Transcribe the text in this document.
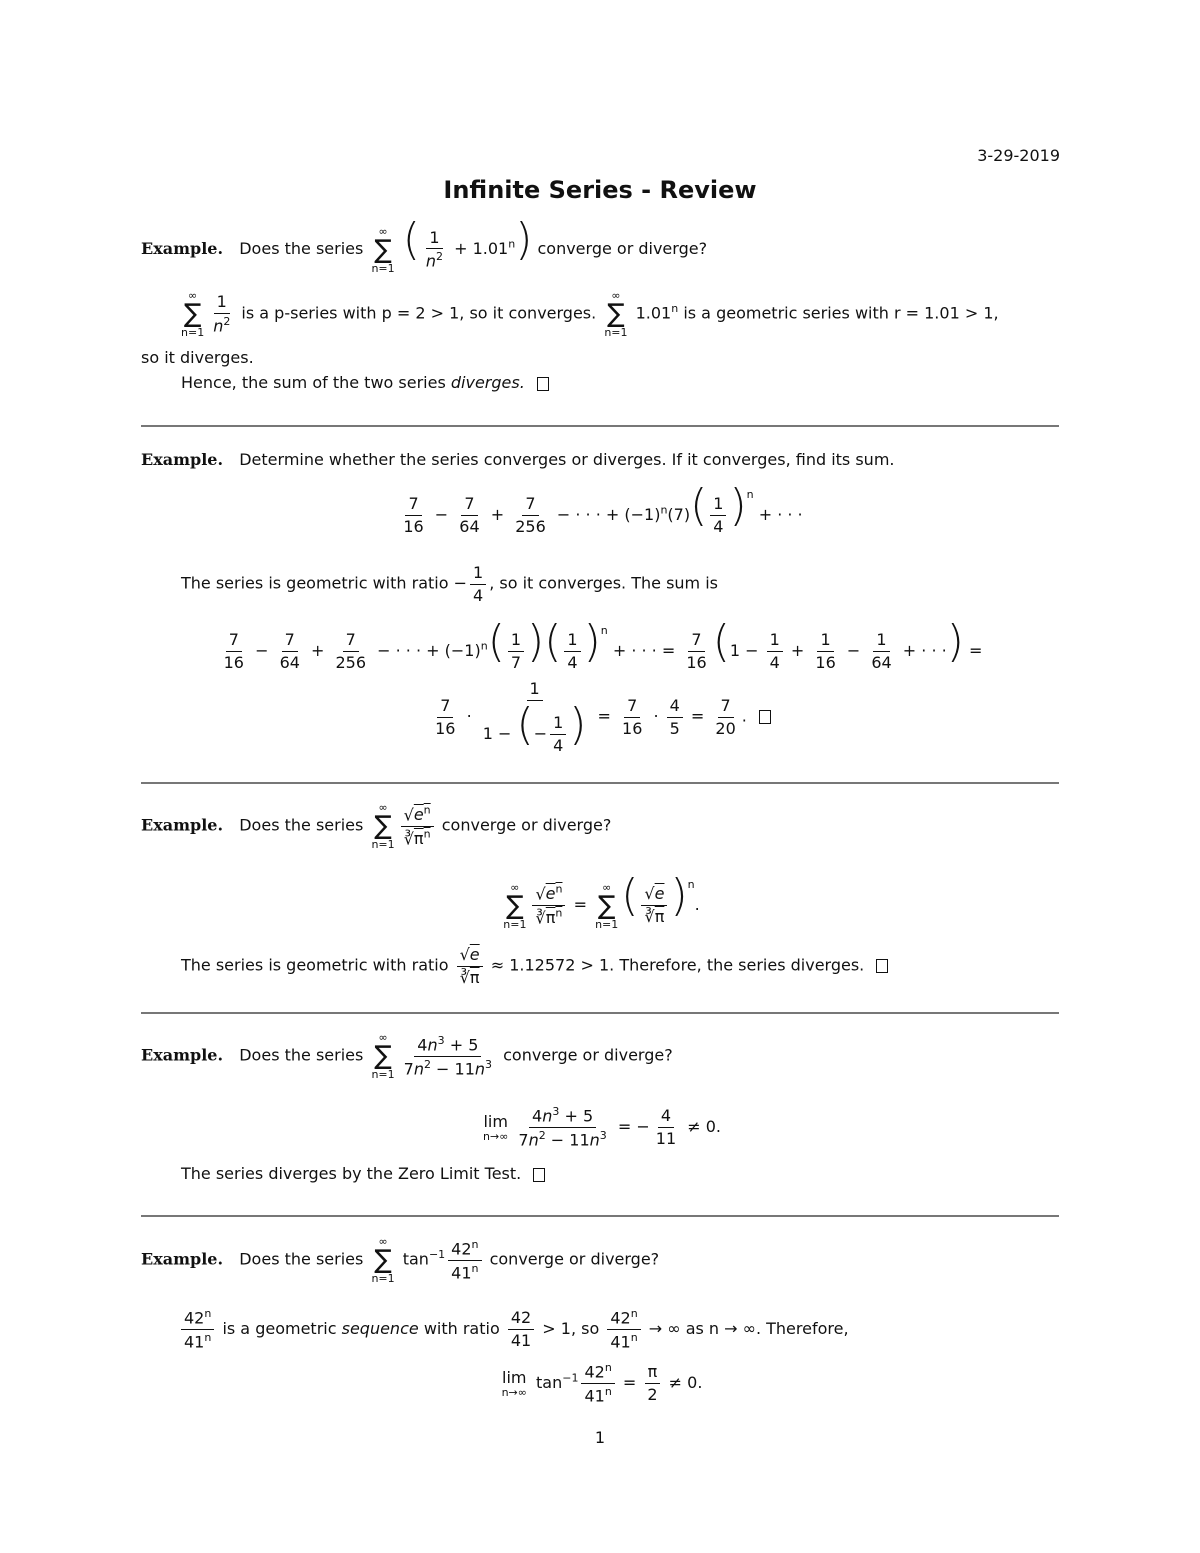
3-29-2019
Infinite Series - Review
Example. Does the series
∞
∑
n=1
( $\frac{1}{n^2} + 1.01^n$) converge or diverge?
∞
∑
$n=1 \frac{1}{n^2}$ is a p-series with p = 2 > 1, so it converges.
∞
∑
n=1
1.01$^n$ is a geometric series with r = 1.01 > 1,
so it diverges.
Hence, the sum of the two series diverges.
Example. Determine whether the series converges or diverges. If it converges, find its sum.
$\frac{7}{16} - \frac{7}{64} + \frac{7}{256}$ − · · · + $(-1)^n(7)( \frac{1}{4} )^n$ + · · ·
The series is geometric with ratio − $\frac{1}{4}$ , so it converges. The sum is
$\frac{7}{16} - \frac{7}{64} + \frac{7}{256}$ − · · · + $(-1)^n( \frac{1}{7}$ )( $\frac{1}{4} )^n$ + · · · = $\frac{7}{16} (1 - \frac{1}{4} + \frac{1}{16} - \frac{1}{64}$ + · · ·) =
$\frac{7}{16} \cdot \frac{1}{1 - (- \frac{1}{4} )} = \frac{7}{16} \cdot \frac{4}{5} = \frac{7}{20}$ .
Example. Does the series
∞
∑
$n=1 \frac{√e^n}{∛\pi^n}$ converge or diverge?
∞
∑
$n=1 \frac{√e^n}{∛\pi^n}$ =
∞
∑
n=1
( $\frac{√e}{∛\overline{\pi}} )^n$.
The series is geometric with ratio $\frac{√e}{∛\overline{\pi}} \approx 1.12572 > 1$. Therefore, the series diverges.
Example. Does the series
∞
∑
$n=1 \frac{4n^3 + 5}{7n^2 - 11n^3}$ converge or diverge?
lim
$n\to\infty \frac{4n^3 + 5}{7n^2 - 11n^3}$ = − $\frac{4}{11} \ne 0$.
The series diverges by the Zero Limit Test.
Example. Does the series
∞
∑
n=1
$\tan^{-1} \frac{42^n}{41^n}$ converge or diverge?
$\frac{42^n}{41^n}$ is a geometric sequence with ratio $\frac{42}{41} > 1$, so $\frac{42^n}{41^n}$ → ∞ as n → ∞. Therefore,
lim
n→∞
$\tan^{-1} \frac{42^n}{41^n} = \frac{\pi}{2} \ne 0$.
1
